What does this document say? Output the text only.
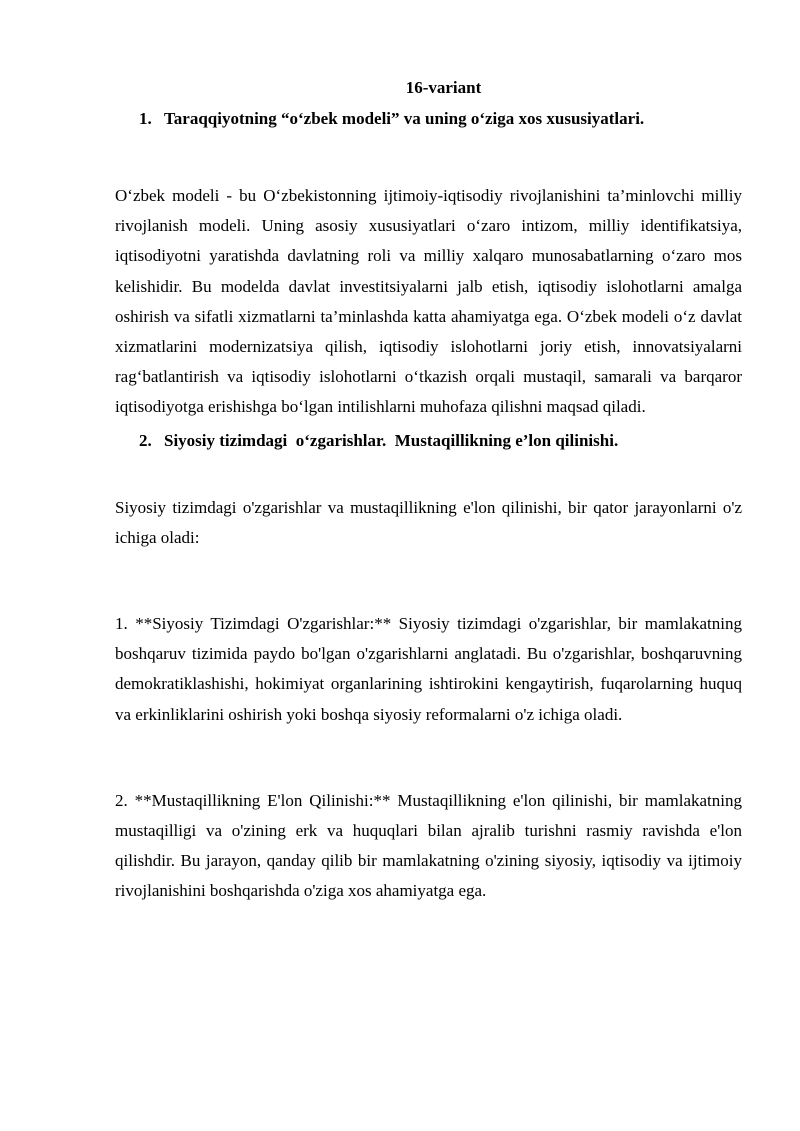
16-variant

1. Taraqqiyotning “o‘zbek modeli” va uning o‘ziga xos xususiyatlari.

O‘zbek modeli - bu O‘zbekistonning ijtimoiy-iqtisodiy rivojlanishini ta’minlovchi milliy rivojlanish modeli. Uning asosiy xususiyatlari o‘zaro intizom, milliy identifikatsiya, iqtisodiyotni yaratishda davlatning roli va milliy xalqaro munosabatlarning o‘zaro mos kelishidir. Bu modelda davlat investitsiyalarni jalb etish, iqtisodiy islohotlarni amalga oshirish va sifatli xizmatlarni ta’minlashda katta ahamiyatga ega. O‘zbek modeli o‘z davlat xizmatlarini modernizatsiya qilish, iqtisodiy islohotlarni joriy etish, innovatsiyalarni rag‘batlantirish va iqtisodiy islohotlarni o‘tkazish orqali mustaqil, samarali va barqaror iqtisodiyotga erishishga bo‘lgan intilishlarni muhofaza qilishni maqsad qiladi.

2. Siyosiy tizimdagi  o‘zgarishlar.  Mustaqillikning e’lon qilinishi.

Siyosiy tizimdagi o'zgarishlar va mustaqillikning e'lon qilinishi, bir qator jarayonlarni o'z ichiga oladi:

1. **Siyosiy Tizimdagi O'zgarishlar:** Siyosiy tizimdagi o'zgarishlar, bir mamlakatning boshqaruv tizimida paydo bo'lgan o'zgarishlarni anglatadi. Bu o'zgarishlar, boshqaruvning demokratiklashishi, hokimiyat organlarining ishtirokini kengaytirish, fuqarolarning huquq va erkinliklarini oshirish yoki boshqa siyosiy reformalarni o'z ichiga oladi.

2. **Mustaqillikning E'lon Qilinishi:** Mustaqillikning e'lon qilinishi, bir mamlakatning mustaqilligi va o'zining erk va huquqlari bilan ajralib turishni rasmiy ravishda e'lon qilishdir. Bu jarayon, qanday qilib bir mamlakatning o'zining siyosiy, iqtisodiy va ijtimoiy rivojlanishini boshqarishda o'ziga xos ahamiyatga ega.
